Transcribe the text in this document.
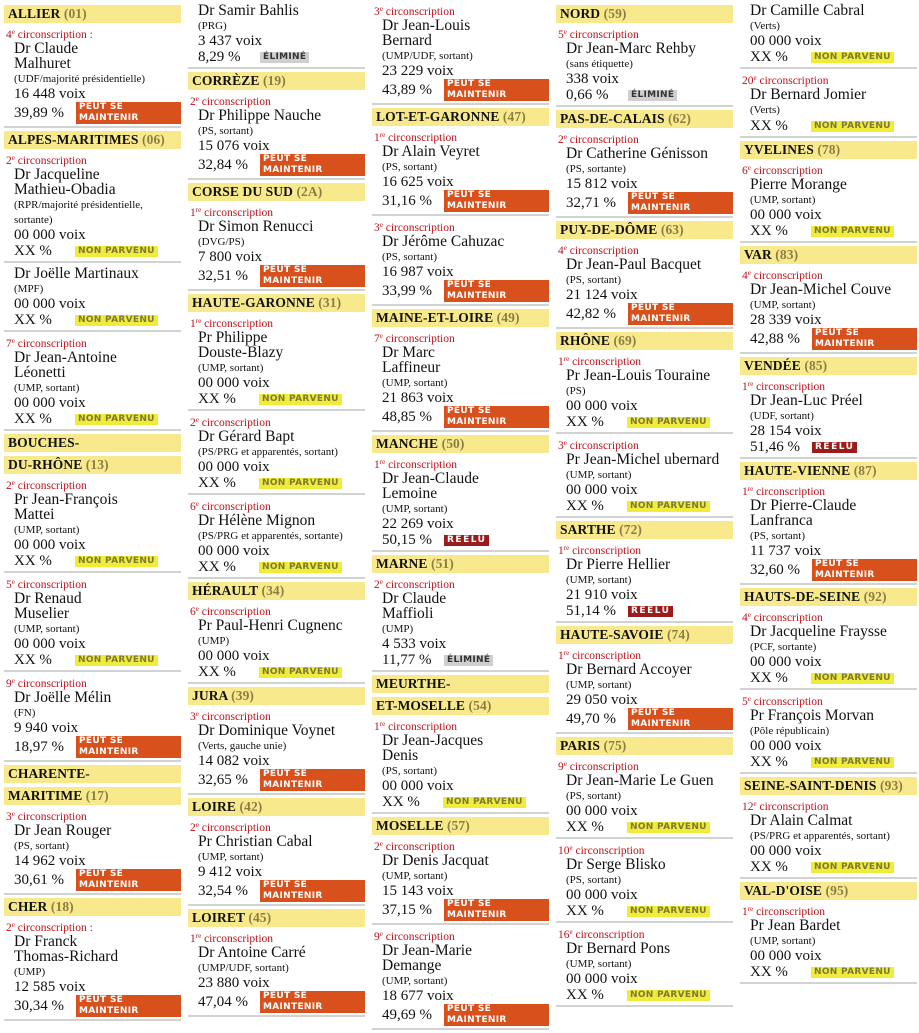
ALLIER (01)
4e circonscription :
Dr Claude
Malhuret
(UDF/majorité présidentielle)
16 448 voix
39,89 %	PEUT SE MAINTENIR
ALPES-MARITIMES (06)
2e circonscription
Dr Jacqueline
Mathieu-Obadia
(RPR/majorité présidentielle, sortante)
00 000 voix
XX %	NON PARVENU
Dr Joëlle Martinaux
(MPF)
00 000 voix
XX %	NON PARVENU
7e circonscription
Dr Jean-Antoine
Léonetti
(UMP, sortant)
00 000 voix
XX %	NON PARVENU
BOUCHES-
DU-RHÔNE (13)
2e circonscription
Pr Jean-François
Mattei
(UMP, sortant)
00 000 voix
XX %	NON PARVENU
5e circonscription
Dr Renaud
Muselier
(UMP, sortant)
00 000 voix
XX %	NON PARVENU
9e circonscription
Dr Joëlle Mélin
(FN)
9 940 voix
18,97 %	PEUT SE MAINTENIR
CHARENTE-
MARITIME (17)
3e circonscription
Dr Jean Rouger
(PS, sortant)
14 962 voix
30,61 %	PEUT SE MAINTENIR
CHER (18)
2e circonscription :
Dr Franck
Thomas-Richard
(UMP)
12 585 voix
30,34 %	PEUT SE MAINTENIR
Dr Samir Bahlis
(PRG)
3 437 voix
8,29 %	ÉLIMINÉ
CORRÈZE (19)
2e circonscription
Dr Philippe Nauche
(PS, sortant)
15 076 voix
32,84 %	PEUT SE MAINTENIR
CORSE DU SUD (2A)
1re circonscription
Dr Simon Renucci
(DVG/PS)
7 800 voix
32,51 %	PEUT SE MAINTENIR
HAUTE-GARONNE (31)
1re circonscription
Pr Philippe
Douste-Blazy
(UMP, sortant)
00 000 voix
XX %	NON PARVENU
2e circonscription
Dr Gérard Bapt
(PS/PRG et apparentés, sortant)
00 000 voix
XX %	NON PARVENU
6e circonscription
Dr Hélène Mignon
(PS/PRG et apparentés, sortante)
00 000 voix
XX %	NON PARVENU
HÉRAULT (34)
6e circonscription
Pr Paul-Henri Cugnenc
(UMP)
00 000 voix
XX %	NON PARVENU
JURA (39)
3e circonscription
Dr Dominique Voynet
(Verts, gauche unie)
14 082 voix
32,65 %	PEUT SE MAINTENIR
LOIRE (42)
2e circonscription
Pr Christian Cabal
(UMP, sortant)
9 412 voix
32,54 %	PEUT SE MAINTENIR
LOIRET (45)
1re circonscription
Dr Antoine Carré
(UMP/UDF, sortant)
23 880 voix
47,04 %	PEUT SE MAINTENIR
3e circonscription
Dr Jean-Louis
Bernard
(UMP/UDF, sortant)
23 229 voix
43,89 %	PEUT SE MAINTENIR
LOT-ET-GARONNE (47)
1re circonscription
Dr Alain Veyret
(PS, sortant)
16 625 voix
31,16 %	PEUT SE MAINTENIR
3e circonscription
Dr Jérôme Cahuzac
(PS, sortant)
16 987 voix
33,99 %	PEUT SE MAINTENIR
MAINE-ET-LOIRE (49)
7e circonscription
Dr Marc
Laffineur
(UMP, sortant)
21 863 voix
48,85 %	PEUT SE MAINTENIR
MANCHE (50)
1re circonscription
Dr Jean-Claude
Lemoine
(UMP, sortant)
22 269 voix
50,15 %	RÉÉLU
MARNE (51)
2e circonscription
Dr Claude
Maffioli
(UMP)
4 533 voix
11,77 %	ÉLIMINÉ
MEURTHE-
ET-MOSELLE (54)
1re circonscription
Dr Jean-Jacques
Denis
(PS, sortant)
00 000 voix
XX %	NON PARVENU
MOSELLE (57)
2e circonscription
Dr Denis Jacquat
(UMP, sortant)
15 143 voix
37,15 %	PEUT SE MAINTENIR
9e circonscription
Dr Jean-Marie
Demange
(UMP, sortant)
18 677 voix
49,69 %	PEUT SE MAINTENIR
NORD (59)
5e circonscription
Dr Jean-Marc Rehby
(sans étiquette)
338 voix
0,66 %	ÉLIMINÉ
PAS-DE-CALAIS (62)
2e circonscription
Dr Catherine Génisson
(PS, sortante)
15 812 voix
32,71 %	PEUT SE MAINTENIR
PUY-DE-DÔME (63)
4e circonscription
Dr Jean-Paul Bacquet
(PS, sortant)
21 124 voix
42,82 %	PEUT SE MAINTENIR
RHÔNE (69)
1re circonscription
Pr Jean-Louis Touraine
(PS)
00 000 voix
XX %	NON PARVENU
3e circonscription
Pr Jean-Michel ubernard
(UMP, sortant)
00 000 voix
XX %	NON PARVENU
SARTHE (72)
1re circonscription
Dr Pierre Hellier
(UMP, sortant)
21 910 voix
51,14 %	RÉÉLU
HAUTE-SAVOIE (74)
1re circonscription
Dr Bernard Accoyer
(UMP, sortant)
29 050 voix
49,70 %	PEUT SE MAINTENIR
PARIS (75)
9e circonscription
Dr Jean-Marie Le Guen
(PS, sortant)
00 000 voix
XX %	NON PARVENU
10e circonscription
Dr Serge Blisko
(PS, sortant)
00 000 voix
XX %	NON PARVENU
16e circonscription
Dr Bernard Pons
(UMP, sortant)
00 000 voix
XX %	NON PARVENU
Dr Camille Cabral
(Verts)
00 000 voix
XX %	NON PARVENU
20e circonscription
Dr Bernard Jomier
(Verts)
XX %	NON PARVENU
YVELINES (78)
6e circonscription
Pierre Morange
(UMP, sortant)
00 000 voix
XX %	NON PARVENU
VAR (83)
4e circonscription
Dr Jean-Michel Couve
(UMP, sortant)
28 339 voix
42,88 %	PEUT SE MAINTENIR
VENDÉE (85)
1re circonscription
Dr Jean-Luc Préel
(UDF, sortant)
28 154 voix
51,46 %	RÉÉLU
HAUTE-VIENNE (87)
1re circonscription
Dr Pierre-Claude
Lanfranca
(PS, sortant)
11 737 voix
32,60 %	PEUT SE MAINTENIR
HAUTS-DE-SEINE (92)
4e circonscription
Dr Jacqueline Fraysse
(PCF, sortante)
00 000 voix
XX %	NON PARVENU
5e circonscription
Pr François Morvan
(Pôle républicain)
00 000 voix
XX %	NON PARVENU
SEINE-SAINT-DENIS (93)
12e circonscription
Dr Alain Calmat
(PS/PRG et apparentés, sortant)
00 000 voix
XX %	NON PARVENU
VAL-D'OISE (95)
1re circonscription
Pr Jean Bardet
(UMP, sortant)
00 000 voix
XX %	NON PARVENU
